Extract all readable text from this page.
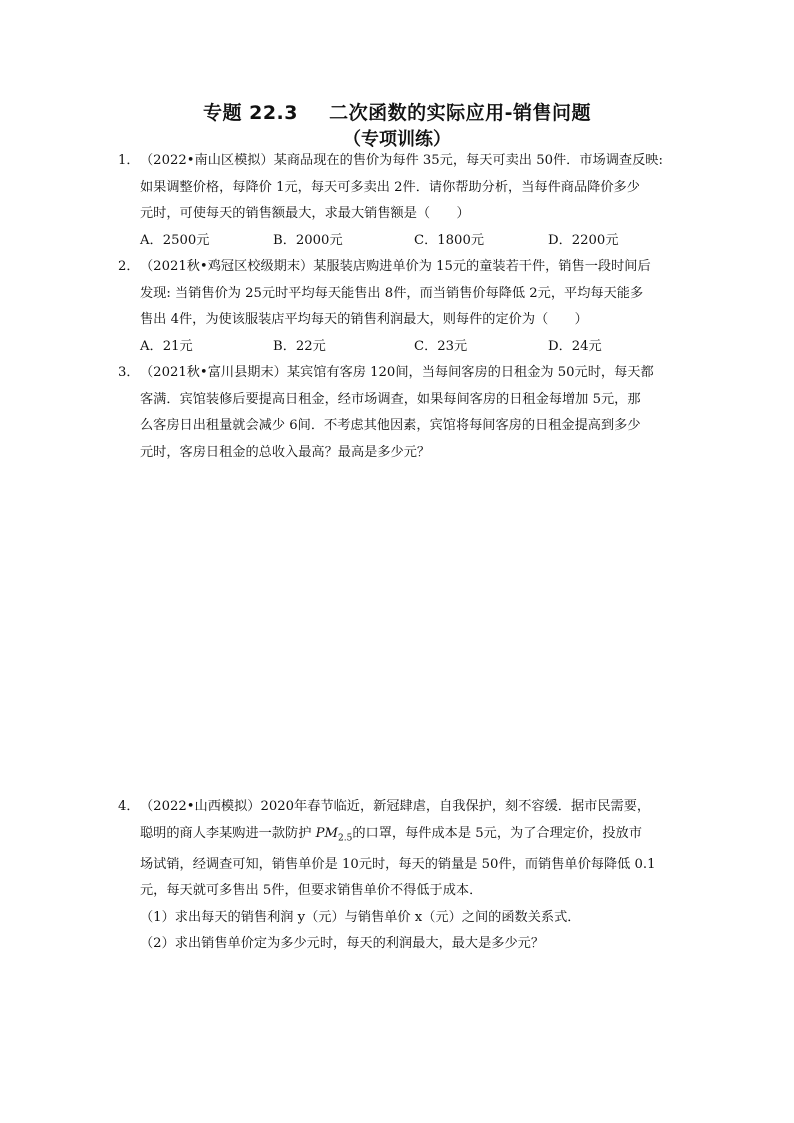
专题 22.3 二次函数的实际应用-销售问题
（专项训练）
1． （2022•南山区模拟）某商品现在的售价为每件 35元，每天可卖出 50件．市场调查反映:
如果调整价格，每降价 1元，每天可多卖出 2件．请你帮助分析，当每件商品降价多少
元时，可使每天的销售额最大，求最大销售额是（　　）
A．2500元	B．2000元	C．1800元	D．2200元
2． （2021秋•鸡冠区校级期末）某服装店购进单价为 15元的童装若干件，销售一段时间后
发现: 当销售价为 25元时平均每天能售出 8件，而当销售价每降低 2元，平均每天能多
售出 4件，为使该服装店平均每天的销售利润最大，则每件的定价为（　　）
A．21元	B．22元	C．23元	D．24元
3． （2021秋•富川县期末）某宾馆有客房 120间，当每间客房的日租金为 50元时，每天都
客满．宾馆装修后要提高日租金，经市场调查，如果每间客房的日租金每增加 5元，那
么客房日出租量就会减少 6间．不考虑其他因素，宾馆将每间客房的日租金提高到多少
元时，客房日租金的总收入最高？最高是多少元？
4． （2022•山西模拟）2020年春节临近，新冠肆虐，自我保护，刻不容缓．据市民需要，
聪明的商人李某购进一款防护 $PM_{2.5}$的口罩，每件成本是 5元，为了合理定价，投放市
场试销，经调查可知，销售单价是 10元时，每天的销量是 50件，而销售单价每降低 0.1
元，每天就可多售出 5件，但要求销售单价不得低于成本．
（1）求出每天的销售利润 y（元）与销售单价 x（元）之间的函数关系式．
（2）求出销售单价定为多少元时，每天的利润最大，最大是多少元？
